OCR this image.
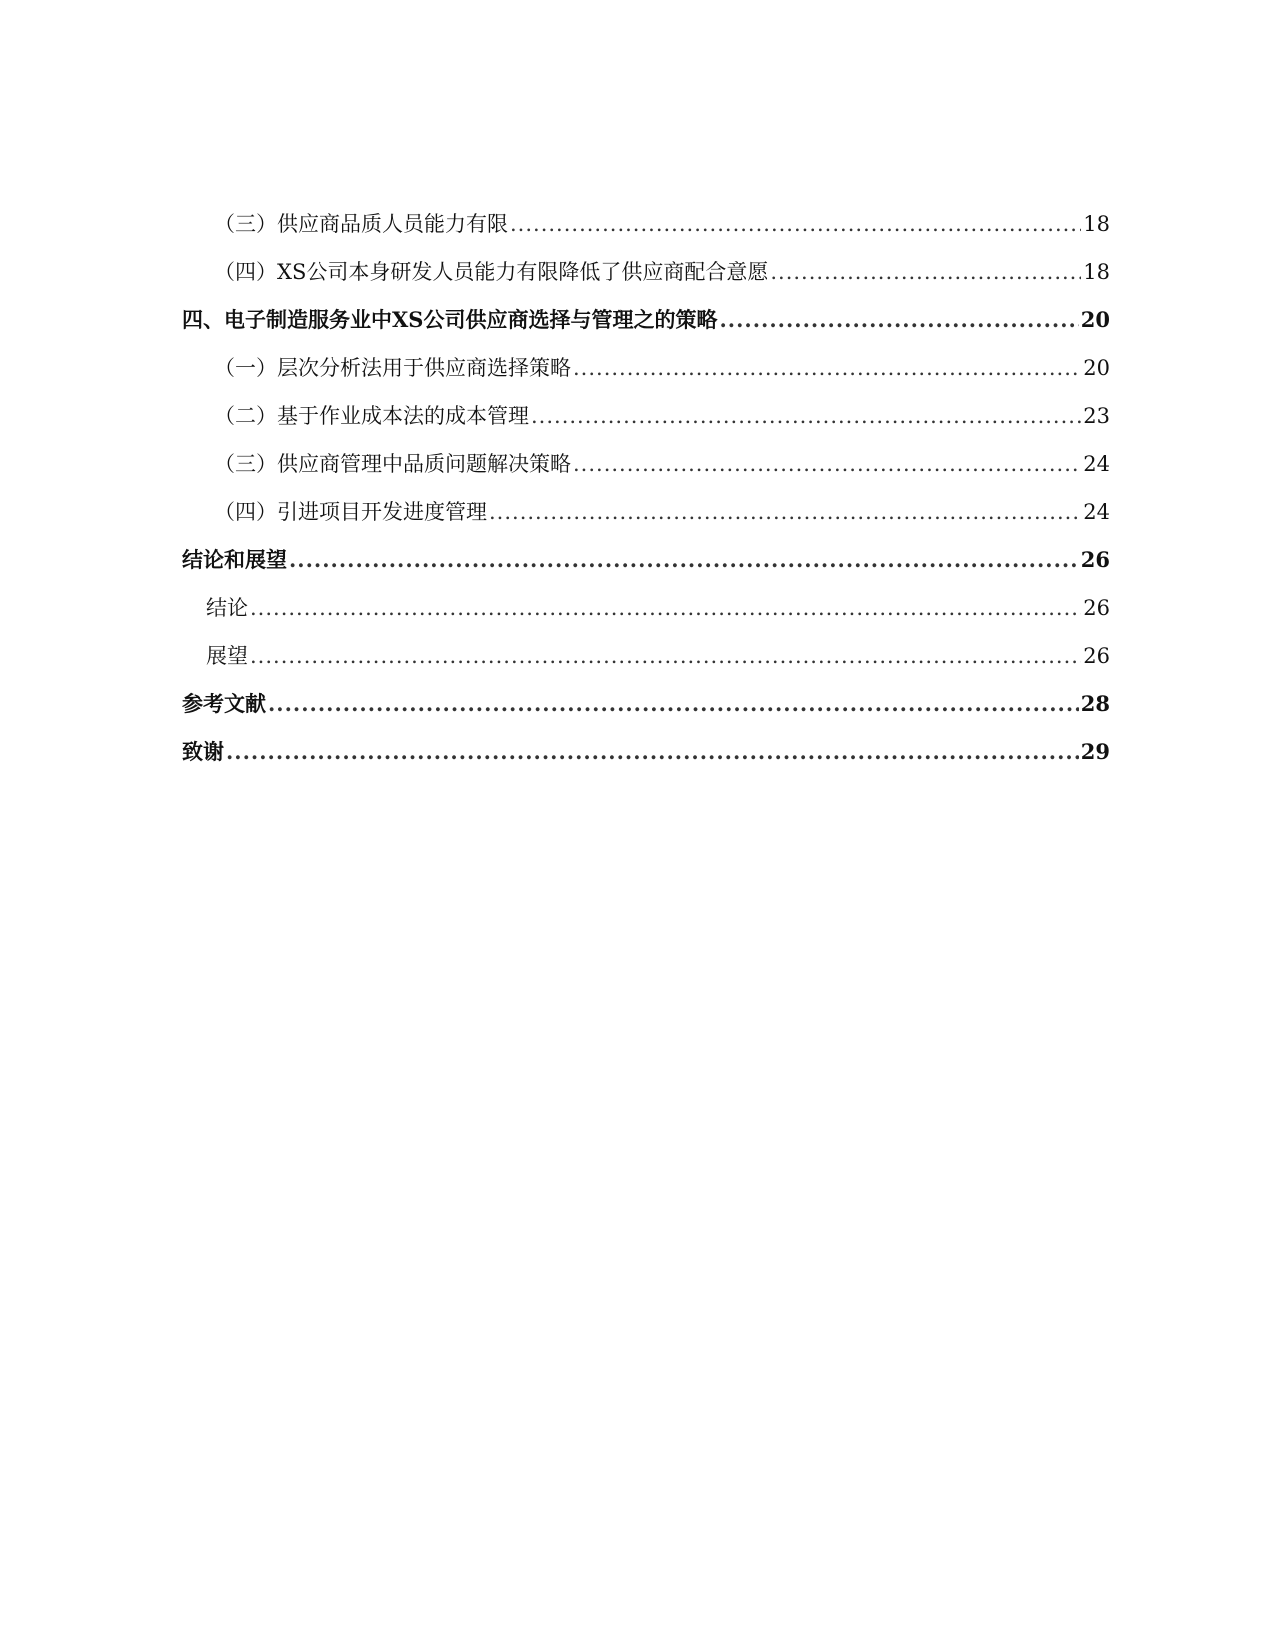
（三）供应商品质人员能力有限 .....	18
（四）XS公司本身研发人员能力有限降低了供应商配合意愿 .....	18
四、电子制造服务业中XS公司供应商选择与管理之的策略 .....	20
（一）层次分析法用于供应商选择策略 .....	20
（二）基于作业成本法的成本管理 .....	23
（三）供应商管理中品质问题解决策略 .....	24
（四）引进项目开发进度管理 .....	24
结论和展望 .....	26
结论 .....	26
展望 .....	26
参考文献 .....	28
致谢 .....	29
